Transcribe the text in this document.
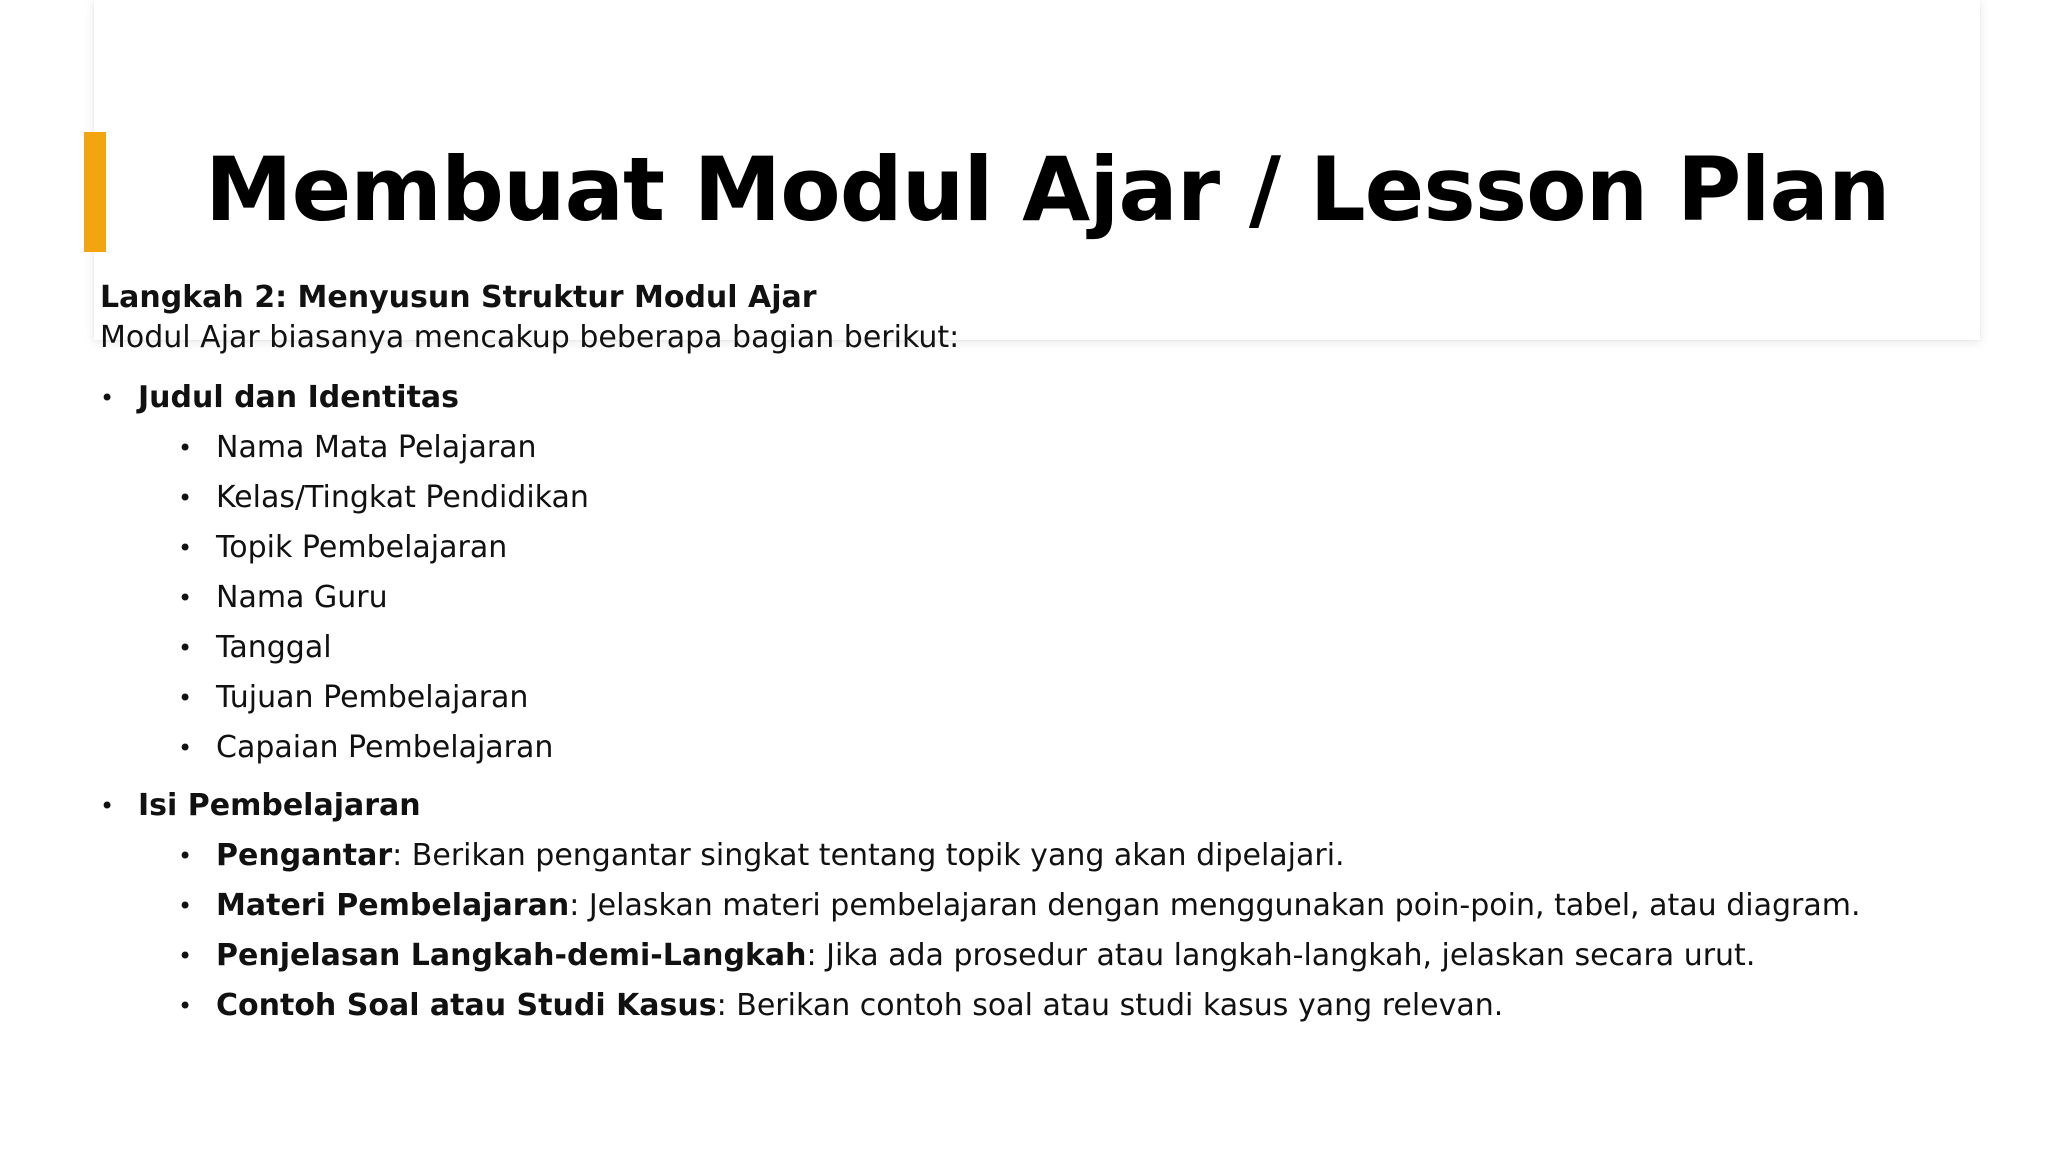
Membuat Modul Ajar / Lesson Plan
Langkah 2: Menyusun Struktur Modul Ajar
Modul Ajar biasanya mencakup beberapa bagian berikut:
• Judul dan Identitas
• Nama Mata Pelajaran
• Kelas/Tingkat Pendidikan
• Topik Pembelajaran
• Nama Guru
• Tanggal
• Tujuan Pembelajaran
• Capaian Pembelajaran
• Isi Pembelajaran
• Pengantar: Berikan pengantar singkat tentang topik yang akan dipelajari.
• Materi Pembelajaran: Jelaskan materi pembelajaran dengan menggunakan poin-poin, tabel, atau diagram.
• Penjelasan Langkah-demi-Langkah: Jika ada prosedur atau langkah-langkah, jelaskan secara urut.
• Contoh Soal atau Studi Kasus: Berikan contoh soal atau studi kasus yang relevan.
